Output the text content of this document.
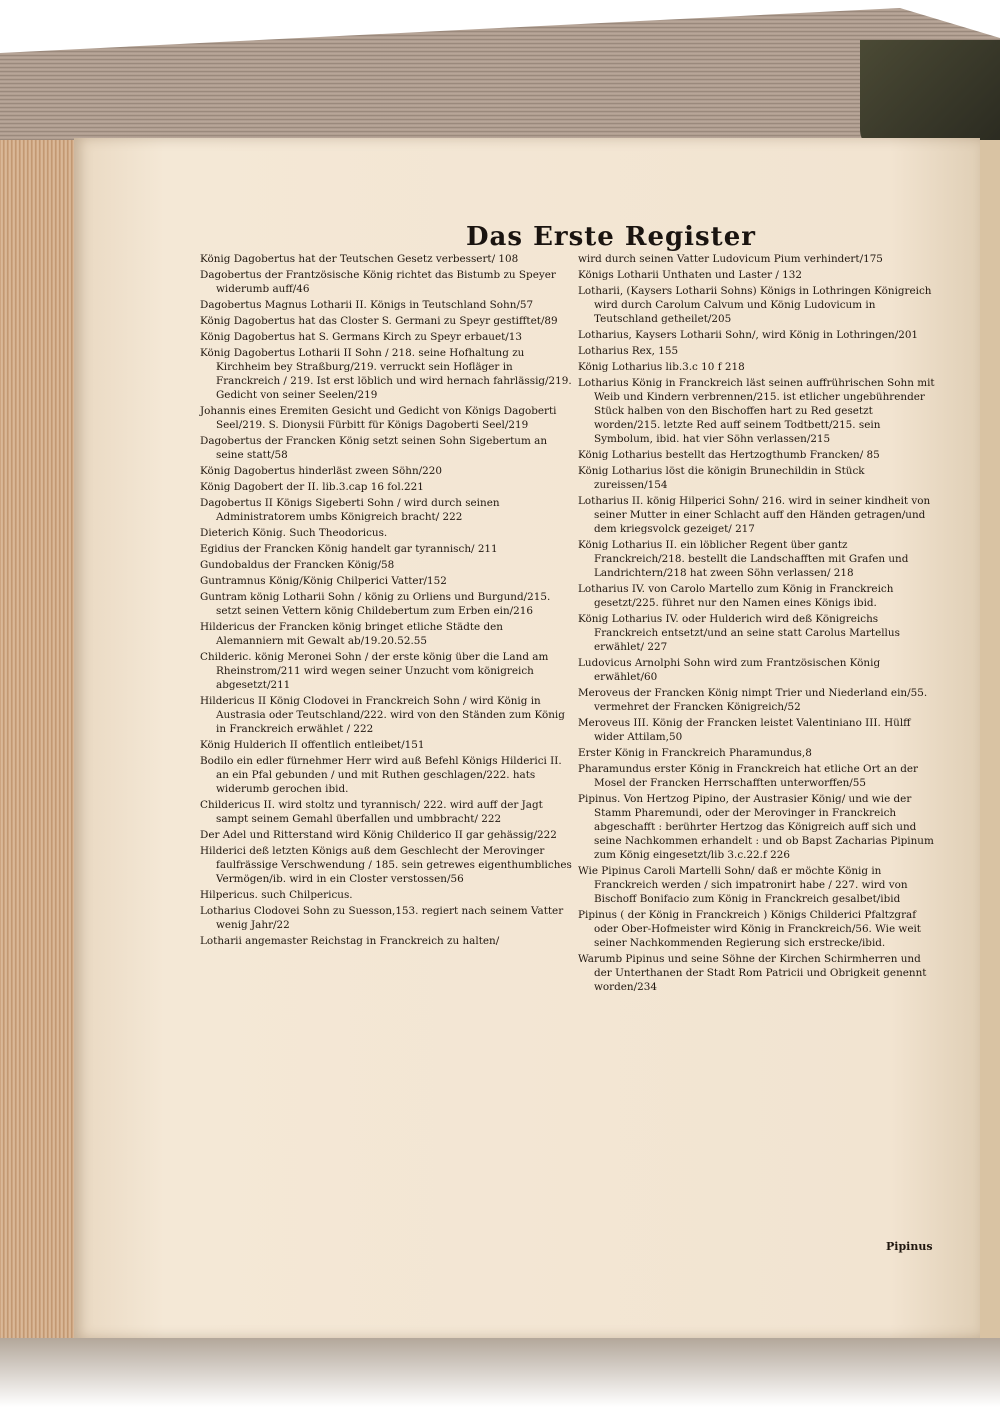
Das Erste Register
König Dagobertus hat der Teutschen Gesetz verbessert/ 108
Dagobertus der Frantzösische König richtet das Bistumb zu Speyer widerumb auff/46
Dagobertus Magnus Lotharii II. Königs in Teutschland Sohn/57
König Dagobertus hat das Closter S. Germani zu Speyr gestifftet/89
König Dagobertus hat S. Germans Kirch zu Speyr erbauet/13
König Dagobertus Lotharii II Sohn / 218. seine Hofhaltung zu Kirchheim bey Straßburg/219. verruckt sein Hofläger in Franckreich / 219. Ist erst löblich und wird hernach fahrlässig/219. Gedicht von seiner Seelen/219
Johannis eines Eremiten Gesicht und Gedicht von Königs Dagoberti Seel/219. S. Dionysii Fürbitt für Königs Dagoberti Seel/219
Dagobertus der Francken König setzt seinen Sohn Sigebertum an seine statt/58
König Dagobertus hinderläst zween Söhn/220
König Dagobert der II. lib.3.cap 16 fol.221
Dagobertus II Königs Sigeberti Sohn / wird durch seinen Administratorem umbs Königreich bracht/ 222
Dieterich König. Such Theodoricus.
Egidius der Francken König handelt gar tyrannisch/ 211
Gundobaldus der Francken König/58
Guntramnus König/König Chilperici Vatter/152
Guntram könig Lotharii Sohn / könig zu Orliens und Burgund/215. setzt seinen Vettern könig Childebertum zum Erben ein/216
Hildericus der Francken könig bringet etliche Städte den Alemanniern mit Gewalt ab/19.20.52.55
Childeric. könig Meronei Sohn / der erste könig über die Land am Rheinstrom/211 wird wegen seiner Unzucht vom königreich abgesetzt/211
Hildericus II König Clodovei in Franckreich Sohn / wird König in Austrasia oder Teutschland/222. wird von den Ständen zum König in Franckreich erwählet / 222
König Hulderich II offentlich entleibet/151
Bodilo ein edler fürnehmer Herr wird auß Befehl Königs Hilderici II. an ein Pfal gebunden / und mit Ruthen geschlagen/222. hats widerumb gerochen ibid.
Childericus II. wird stoltz und tyrannisch/ 222. wird auff der Jagt sampt seinem Gemahl überfallen und umbbracht/ 222
Der Adel und Ritterstand wird König Childerico II gar gehässig/222
Hilderici deß letzten Königs auß dem Geschlecht der Merovinger faulfrässige Verschwendung / 185. sein getrewes eigenthumbliches Vermögen/ib. wird in ein Closter verstossen/56
Hilpericus. such Chilpericus.
Lotharius Clodovei Sohn zu Suesson,153. regiert nach seinem Vatter wenig Jahr/22
Lotharii angemaster Reichstag in Franckreich zu halten/
wird durch seinen Vatter Ludovicum Pium verhindert/175
Königs Lotharii Unthaten und Laster / 132
Lotharii, (Kaysers Lotharii Sohns) Königs in Lothringen Königreich wird durch Carolum Calvum und König Ludovicum in Teutschland getheilet/205
Lotharius, Kaysers Lotharii Sohn/, wird König in Lothringen/201
Lotharius Rex, 155
König Lotharius lib.3.c 10 f 218
Lotharius König in Franckreich läst seinen auffrührischen Sohn mit Weib und Kindern verbrennen/215. ist etlicher ungebührender Stück halben von den Bischoffen hart zu Red gesetzt worden/215. letzte Red auff seinem Todtbett/215. sein Symbolum, ibid. hat vier Söhn verlassen/215
König Lotharius bestellt das Hertzogthumb Francken/ 85
König Lotharius löst die königin Brunechildin in Stück zureissen/154
Lotharius II. könig Hilperici Sohn/ 216. wird in seiner kindheit von seiner Mutter in einer Schlacht auff den Händen getragen/und dem kriegsvolck gezeiget/ 217
König Lotharius II. ein löblicher Regent über gantz Franckreich/218. bestellt die Landschafften mit Grafen und Landrichtern/218 hat zween Söhn verlassen/ 218
Lotharius IV. von Carolo Martello zum König in Franckreich gesetzt/225. führet nur den Namen eines Königs ibid.
König Lotharius IV. oder Hulderich wird deß Königreichs Franckreich entsetzt/und an seine statt Carolus Martellus erwählet/ 227
Ludovicus Arnolphi Sohn wird zum Frantzösischen König erwählet/60
Meroveus der Francken König nimpt Trier und Niederland ein/55. vermehret der Francken Königreich/52
Meroveus III. König der Francken leistet Valentiniano III. Hülff wider Attilam,50
Erster König in Franckreich Pharamundus,8
Pharamundus erster König in Franckreich hat etliche Ort an der Mosel der Francken Herrschafften unterworffen/55
Pipinus. Von Hertzog Pipino, der Austrasier König/ und wie der Stamm Pharemundi, oder der Merovinger in Franckreich abgeschafft : berührter Hertzog das Königreich auff sich und seine Nachkommen erhandelt : und ob Bapst Zacharias Pipinum zum König eingesetzt/lib 3.c.22.f 226
Wie Pipinus Caroli Martelli Sohn/ daß er möchte König in Franckreich werden / sich impatronirt habe / 227. wird von Bischoff Bonifacio zum König in Franckreich gesalbet/ibid
Pipinus ( der König in Franckreich ) Königs Childerici Pfaltzgraf oder Ober-Hofmeister wird König in Franckreich/56. Wie weit seiner Nachkommenden Regierung sich erstrecke/ibid.
Warumb Pipinus und seine Söhne der Kirchen Schirmherren und der Unterthanen der Stadt Rom Patricii und Obrigkeit genennt worden/234
Pipinus
